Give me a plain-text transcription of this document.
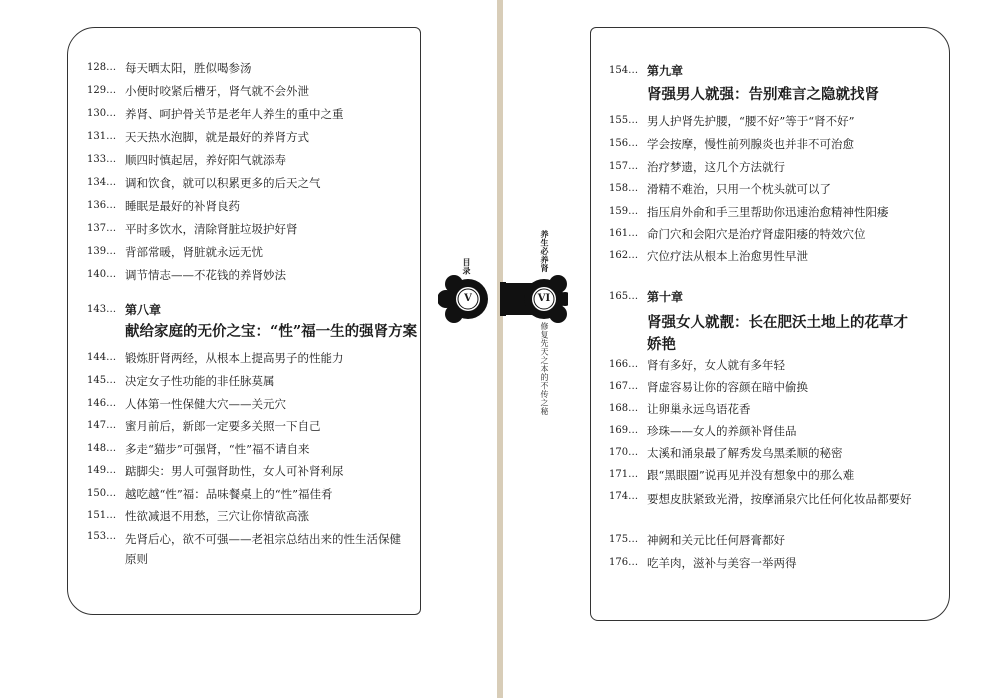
128… 每天晒太阳，胜似喝参汤
129… 小便时咬紧后槽牙，肾气就不会外泄
130… 养肾、呵护骨关节是老年人养生的重中之重
131… 天天热水泡脚，就是最好的养肾方式
133… 顺四时慎起居，养好阳气就添寿
134… 调和饮食，就可以积累更多的后天之气
136… 睡眠是最好的补肾良药
137… 平时多饮水，清除肾脏垃圾护好肾
139… 背部常暖，肾脏就永远无忧
140… 调节情志——不花钱的养肾妙法
143… 第八章
献给家庭的无价之宝：“性”福一生的强肾方案
144… 锻炼肝肾两经，从根本上提高男子的性能力
145… 决定女子性功能的非任脉莫属
146… 人体第一性保健大穴——关元穴
147… 蜜月前后，新郎一定要多关照一下自己
148… 多走“猫步”可强肾，“性”福不请自来
149… 踮脚尖：男人可强肾助性，女人可补肾利尿
150… 越吃越“性”福：品味餐桌上的“性”福佳肴
151… 性欲减退不用愁，三穴让你情欲高涨
153… 先肾后心，欲不可强——老祖宗总结出来的性生活保健原则
V	VI
目录	养生必养肾
修复先天之本的不传之秘
154… 第九章
肾强男人就强：告别难言之隐就找肾
155… 男人护肾先护腰，“腰不好”等于“肾不好”
156… 学会按摩，慢性前列腺炎也并非不可治愈
157… 治疗梦遗，这几个方法就行
158… 滑精不难治，只用一个枕头就可以了
159… 指压肩外俞和手三里帮助你迅速治愈精神性阳痿
161… 命门穴和会阳穴是治疗肾虚阳痿的特效穴位
162… 穴位疗法从根本上治愈男性早泄
165… 第十章
肾强女人就靓：长在肥沃土地上的花草才娇艳
166… 肾有多好，女人就有多年轻
167… 肾虚容易让你的容颜在暗中偷换
168… 让卵巢永远鸟语花香
169… 珍珠——女人的养颜补肾佳品
170… 太溪和涌泉最了解秀发乌黑柔顺的秘密
171… 跟“黑眼圈”说再见并没有想象中的那么难
174… 要想皮肤紧致光滑，按摩涌泉穴比任何化妆品都要好
175… 神阙和关元比任何唇膏都好
176… 吃羊肉，滋补与美容一举两得
